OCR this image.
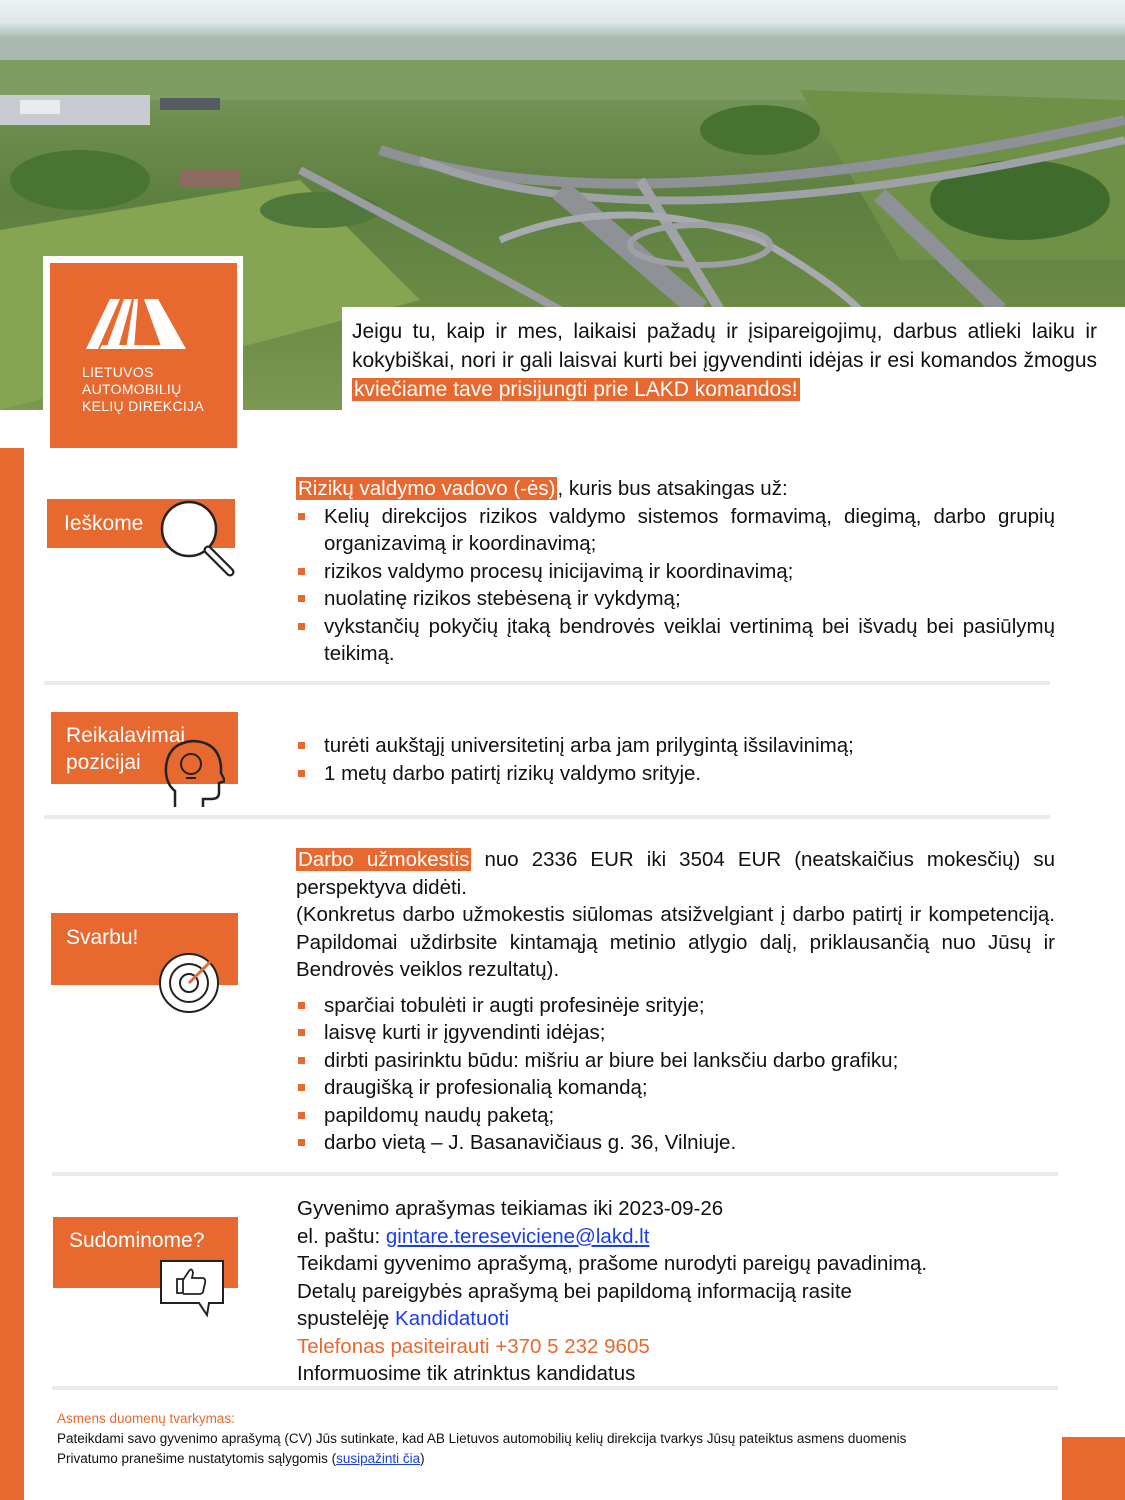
LIETUVOS
AUTOMOBILIŲ
KELIŲ DIREKCIJA

Jeigu tu, kaip ir mes, laikaisi pažadų ir įsipareigojimų, darbus atlieki laiku ir kokybiškai, nori ir gali laisvai kurti bei įgyvendinti idėjas ir esi komandos žmogus kviečiame tave prisijungti prie LAKD komandos!

Ieškome
Rizikų valdymo vadovo (-ės), kuris bus atsakingas už:
Kelių direkcijos rizikos valdymo sistemos formavimą, diegimą, darbo grupių organizavimą ir koordinavimą;
rizikos valdymo procesų inicijavimą ir koordinavimą;
nuolatinę rizikos stebėseną ir vykdymą;
vykstančių pokyčių įtaką bendrovės veiklai vertinimą bei išvadų bei pasiūlymų teikimą.
Reikalavimai
pozicijai
turėti aukštąjį universitetinį arba jam prilygintą išsilavinimą;
1 metų darbo patirtį rizikų valdymo srityje.
Svarbu!
Darbo užmokestis nuo 2336 EUR iki 3504 EUR (neatskaičius mokesčių) su perspektyva didėti.
(Konkretus darbo užmokestis siūlomas atsižvelgiant į darbo patirtį ir kompetenciją. Papildomai uždirbsite kintamąją metinio atlygio dalį, priklausančią nuo Jūsų ir Bendrovės veiklos rezultatų).
sparčiai tobulėti ir augti profesinėje srityje;
laisvę kurti ir įgyvendinti idėjas;
dirbti pasirinktu būdu: mišriu ar biure bei lanksčiu darbo grafiku;
draugišką ir profesionalią komandą;
papildomų naudų paketą;
darbo vietą – J. Basanavičiaus g. 36, Vilniuje.
Sudominome?
Gyvenimo aprašymas teikiamas iki 2023-09-26
el. paštu: gintare.tereseviciene@lakd.lt
Teikdami gyvenimo aprašymą, prašome nurodyti pareigų pavadinimą.
Detalų pareigybės aprašymą bei papildomą informaciją rasite
spustelėję Kandidatuoti
Telefonas pasiteirauti +370 5 232 9605
Informuosime tik atrinktus kandidatus
Asmens duomenų tvarkymas:
Pateikdami savo gyvenimo aprašymą (CV) Jūs sutinkate, kad AB Lietuvos automobilių kelių direkcija tvarkys Jūsų pateiktus asmens duomenis
Privatumo pranešime nustatytomis sąlygomis (susipažinti čia)
